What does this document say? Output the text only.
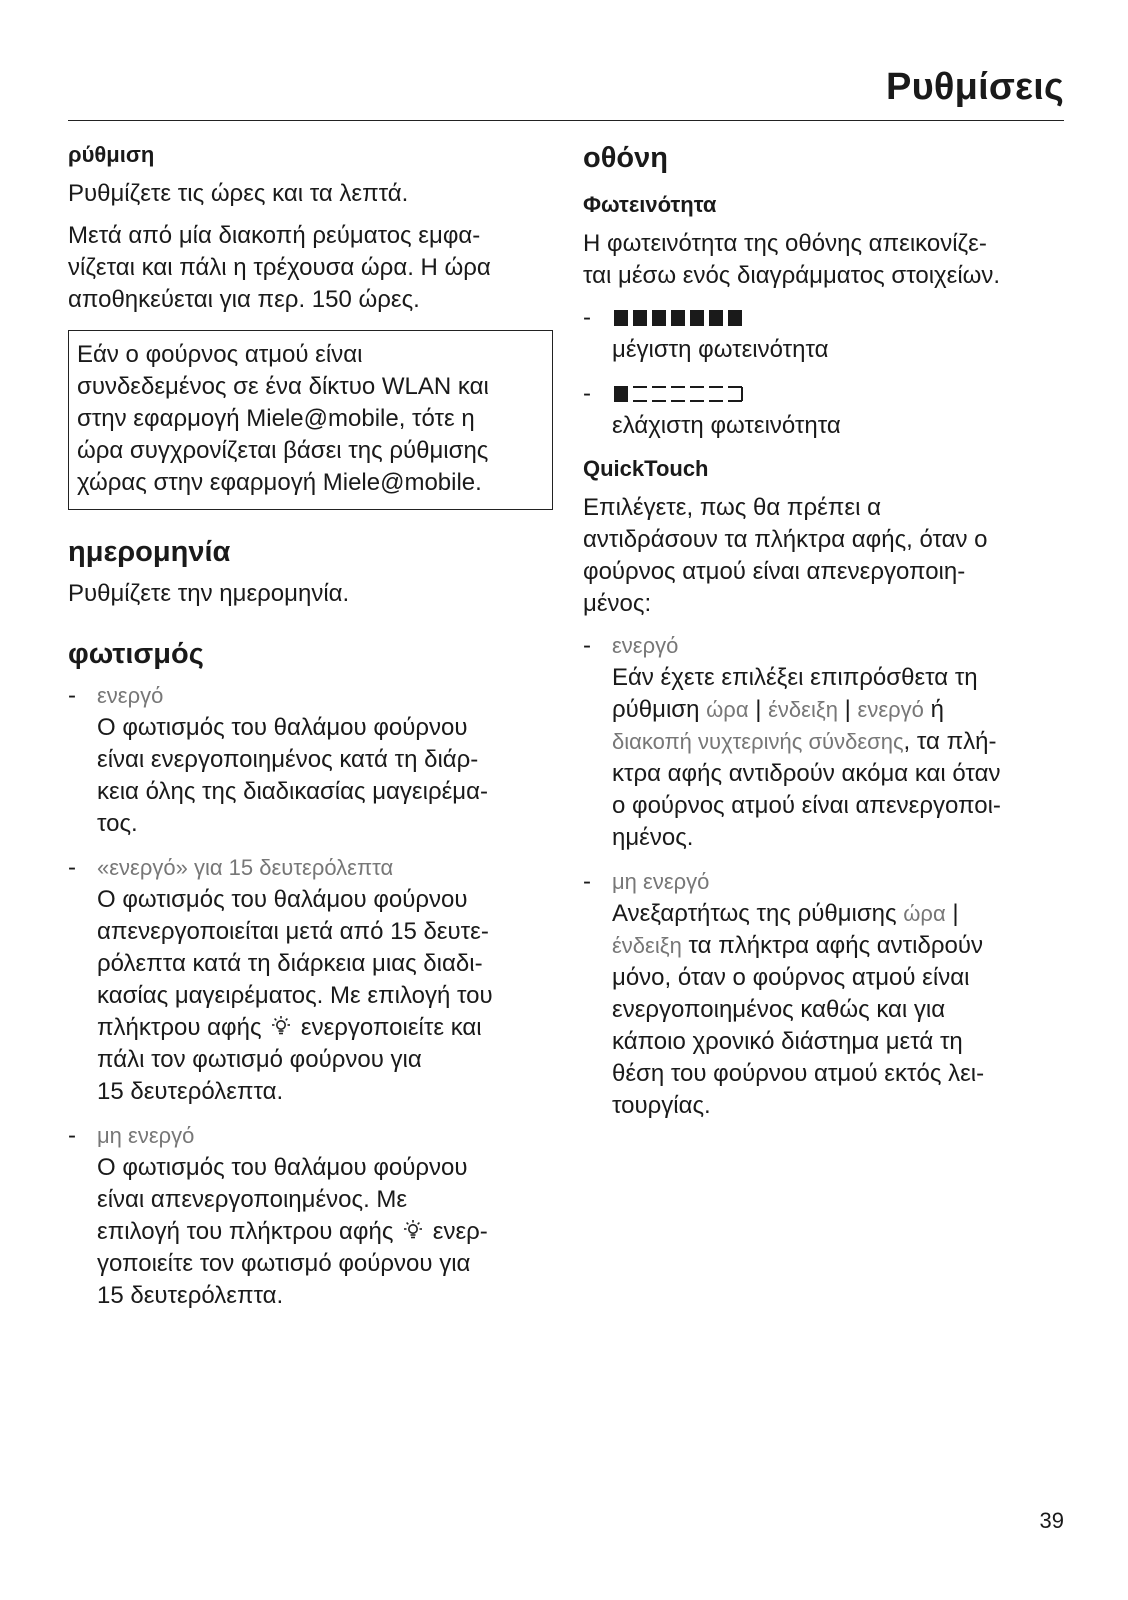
Ρυθμίσεις
ρύθμιση

Ρυθμίζετε τις ώρες και τα λεπτά.

Μετά από μία διακοπή ρεύματος εμφα-
νίζεται και πάλι η τρέχουσα ώρα. Η ώρα
αποθηκεύεται για περ. 150 ώρες.

Εάν ο φούρνος ατμού είναι
συνδεδεμένος σε ένα δίκτυο WLAN και
στην εφαρμογή Miele@mobile, τότε η
ώρα συγχρονίζεται βάσει της ρύθμισης
χώρας στην εφαρμογή Miele@mobile.
ημερομηνία

Ρυθμίζετε την ημερομηνία.

φωτισμός
- ενεργό
Ο φωτισμός του θαλάμου φούρνου
είναι ενεργοποιημένος κατά τη διάρ-
κεια όλης της διαδικασίας μαγειρέμα-
τος.
- «ενεργό» για 15 δευτερόλεπτα
Ο φωτισμός του θαλάμου φούρνου
απενεργοποιείται μετά από 15 δευτε-
ρόλεπτα κατά τη διάρκεια μιας διαδι-
κασίας μαγειρέματος. Με επιλογή του
πλήκτρου αφής ενεργοποιείτε και
πάλι τον φωτισμό φούρνου για
15 δευτερόλεπτα.
- μη ενεργό
Ο φωτισμός του θαλάμου φούρνου
είναι απενεργοποιημένος. Με
επιλογή του πλήκτρου αφής ενερ-
γοποιείτε τον φωτισμό φούρνου για
15 δευτερόλεπτα.
οθόνη
Φωτεινότητα

Η φωτεινότητα της οθόνης απεικονίζε-
ται μέσω ενός διαγράμματος στοιχείων.

-
μέγιστη φωτεινότητα
-
ελάχιστη φωτεινότητα
QuickTouch

Επιλέγετε, πως θα πρέπει α
αντιδράσουν τα πλήκτρα αφής, όταν ο
φούρνος ατμού είναι απενεργοποιη-
μένος:

- ενεργό
Εάν έχετε επιλέξει επιπρόσθετα τη
ρύθμιση ώρα | ένδειξη | ενεργό ή
διακοπή νυχτερινής σύνδεσης, τα πλή-
κτρα αφής αντιδρούν ακόμα και όταν
ο φούρνος ατμού είναι απενεργοποι-
ημένος.
- μη ενεργό
Ανεξαρτήτως της ρύθμισης ώρα |
ένδειξη τα πλήκτρα αφής αντιδρούν
μόνο, όταν ο φούρνος ατμού είναι
ενεργοποιημένος καθώς και για
κάποιο χρονικό διάστημα μετά τη
θέση του φούρνου ατμού εκτός λει-
τουργίας.
39
